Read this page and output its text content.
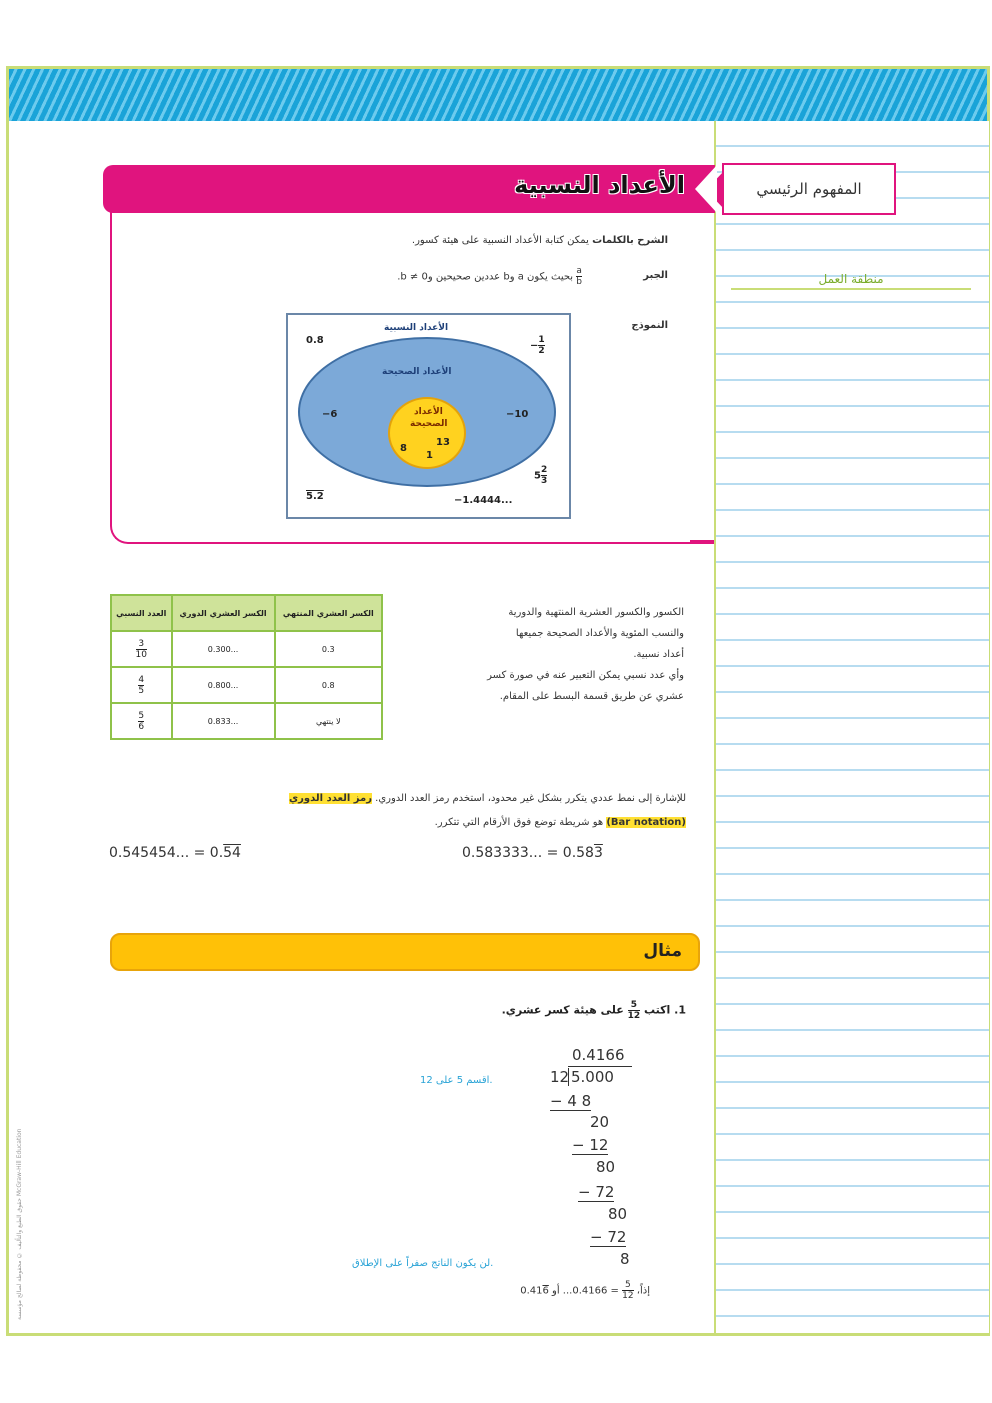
المفهوم الرئيسي
منطقة العمل
الأعداد النسبية
الشرح بالكلمات يمكن كتابة الأعداد النسبية على هيئة كسور.
الجبر
$\frac{a}{b}$
بحيث يكون a وb عددين صحيحين وb ≠ 0.
النموذج
الأعداد النسبية
0.8	− $\frac{1}{2}$
الأعداد الصحيحة
−6	−10
الأعداد
الصحيحة
13
8
1
$5 \frac{2}{3}$
5.2	−1.4444...
العدد النسبي	الكسر العشري الدوري	الكسر العشري المنتهي

$\frac{3}{10}$	0.300...	0.3

$\frac{4}{5}$	0.800...	0.8

$\frac{5}{6}$	0.833...	لا ينتهي
الكسور والكسور العشرية المنتهية والدورية
والنسب المئوية والأعداد الصحيحة جميعها
أعداد نسبية.
وأي عدد نسبي يمكن التعبير عنه في صورة كسر
عشري عن طريق قسمة البسط على المقام.
للإشارة إلى نمط عددي يتكرر بشكل غير محدود، استخدم رمز العدد الدوري. رمز العدد الدوري
(Bar notation) هو شريطة توضع فوق الأرقام التي تتكرر.
0.545454... = 0.54	0.583333... = 0.583
مثال
1. اكتب
$\frac{5}{12}$
على هيئة كسر عشري.
0.4166
12 5.000
− 4 8
20
− 12
80
− 72
80
− 72
8
اقسم 5 على 12.
لن يكون الناتج صفراً على الإطلاق.
إذاً،
$\frac{5}{12}$
= 0.4166... أو 0.416
حقوق الطبع والتأليف © محفوظة لصالح مؤسسة McGraw-Hill Education
